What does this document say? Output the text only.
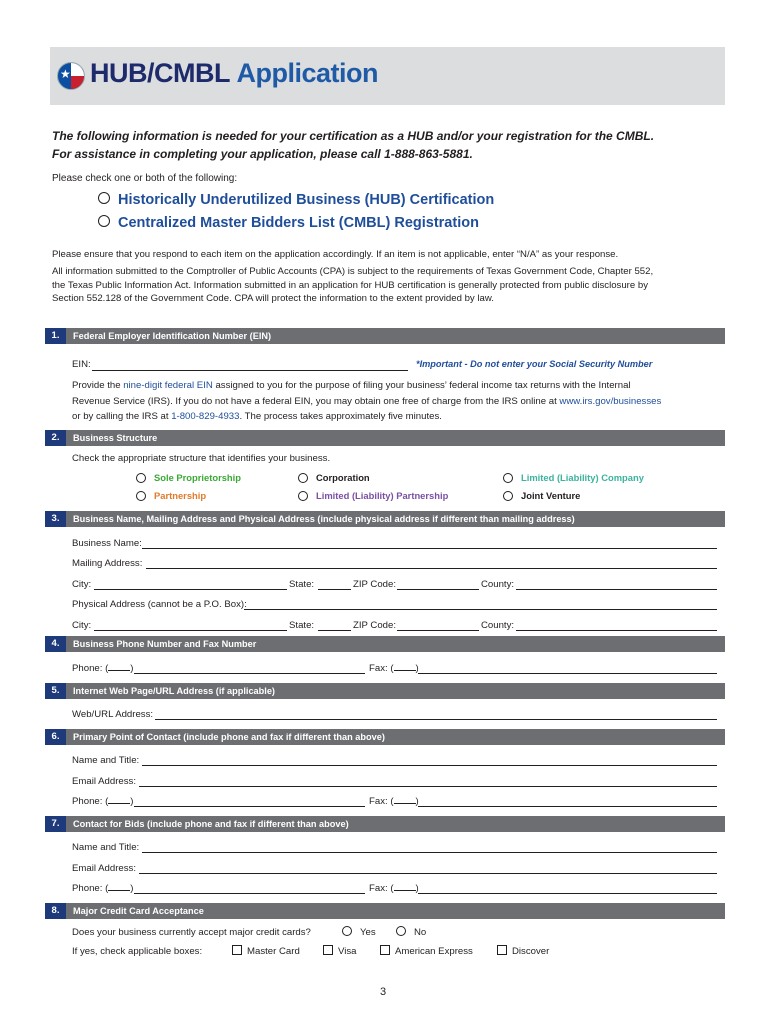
★ HUB/CMBL Application
The following information is needed for your certification as a HUB and/or your registration for the CMBL.
For assistance in completing your application, please call 1-888-863-5881.
Please check one or both of the following:
Historically Underutilized Business (HUB) Certification
Centralized Master Bidders List (CMBL) Registration
Please ensure that you respond to each item on the application accordingly. If an item is not applicable, enter “N/A” as your response.
All information submitted to the Comptroller of Public Accounts (CPA) is subject to the requirements of Texas Government Code, Chapter 552,
the Texas Public Information Act. Information submitted in an application for HUB certification is generally protected from public disclosure by
Section 552.128 of the Government Code. CPA will protect the information to the extent provided by law.
1.	Federal Employer Identification Number (EIN)
EIN:	*Important - Do not enter your Social Security Number
Provide the nine-digit federal EIN assigned to you for the purpose of filing your business’ federal income tax returns with the Internal
Revenue Service (IRS). If you do not have a federal EIN, you may obtain one free of charge from the IRS online at www.irs.gov/businesses
or by calling the IRS at 1-800-829-4933. The process takes approximately five minutes.
2.	Business Structure
Check the appropriate structure that identifies your business.
Sole Proprietorship	Corporation	Limited (Liability) Company
Partnership	Limited (Liability) Partnership	Joint Venture
3.	Business Name, Mailing Address and Physical Address (include physical address if different than mailing address)
Business Name:
Mailing Address:
City:	State:	ZIP Code:	County:
Physical Address (cannot be a P.O. Box):
City:	State:	ZIP Code:	County:
4.	Business Phone Number and Fax Number
Phone: ( )	Fax: ( )
5.	Internet Web Page/URL Address (if applicable)
Web/URL Address:
6.	Primary Point of Contact (include phone and fax if different than above)
Name and Title:
Email Address:
Phone: ( )	Fax: ( )
7.	Contact for Bids (include phone and fax if different than above)
Name and Title:
Email Address:
Phone: ( )	Fax: ( )
8.	Major Credit Card Acceptance
Does your business currently accept major credit cards?	Yes	No
If yes, check applicable boxes:	Master Card	Visa	American Express	Discover
3
